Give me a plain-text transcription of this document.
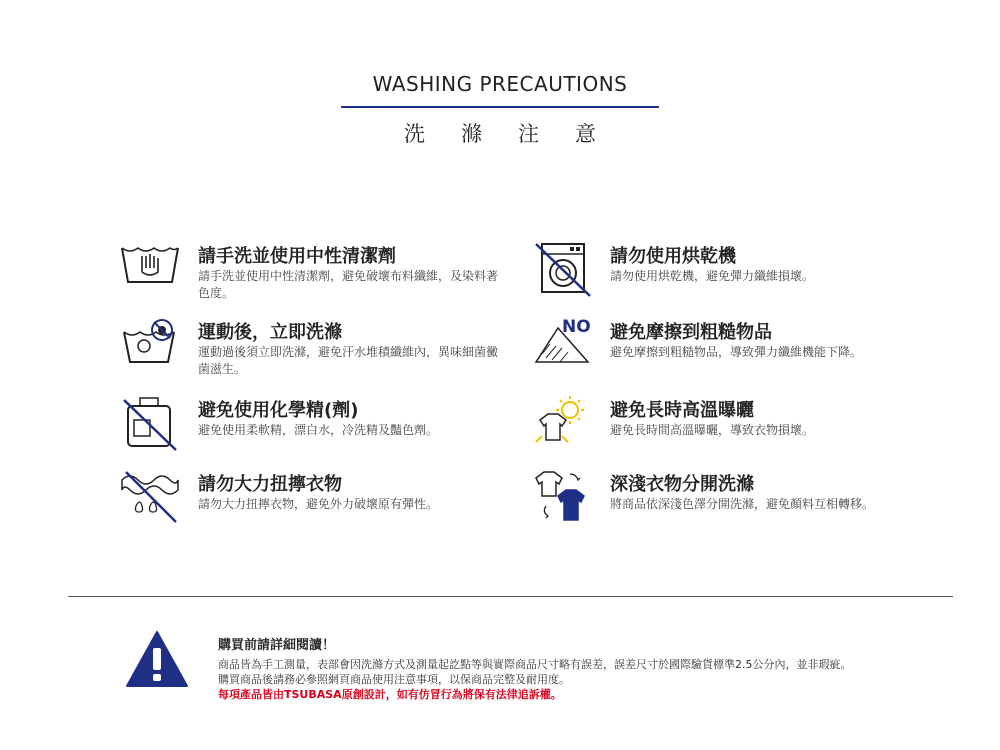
WASHING PRECAUTIONS
洗滌注意
請手洗並使用中性清潔劑
請手洗並使用中性清潔劑，避免破壞布料纖維，及染料著色度。
請勿使用烘乾機
請勿使用烘乾機，避免彈力纖維損壞。
運動後，立即洗滌
運動過後須立即洗滌，避免汗水堆積纖維內，異味細菌黴菌滋生。
NO 避免摩擦到粗糙物品
避免摩擦到粗糙物品，導致彈力纖維機能下降。
避免使用化學精(劑)
避免使用柔軟精，漂白水，冷洗精及豔色劑。
避免長時高溫曝曬
避免長時間高溫曝曬，導致衣物損壞。
請勿大力扭擰衣物
請勿大力扭擰衣物，避免外力破壞原有彈性。
深淺衣物分開洗滌
將商品依深淺色澤分開洗滌，避免顏料互相轉移。
購買前請詳細閱讀！
商品皆為手工測量，表部會因洗滌方式及測量起訖點等與實際商品尺寸略有誤差，誤差尺寸於國際驗貨標準2.5公分內，並非瑕疵。
購買商品後請務必參照網頁商品使用注意事項，以保商品完整及耐用度。
每項產品皆由TSUBASA原創設計，如有仿冒行為將保有法律追訴權。
